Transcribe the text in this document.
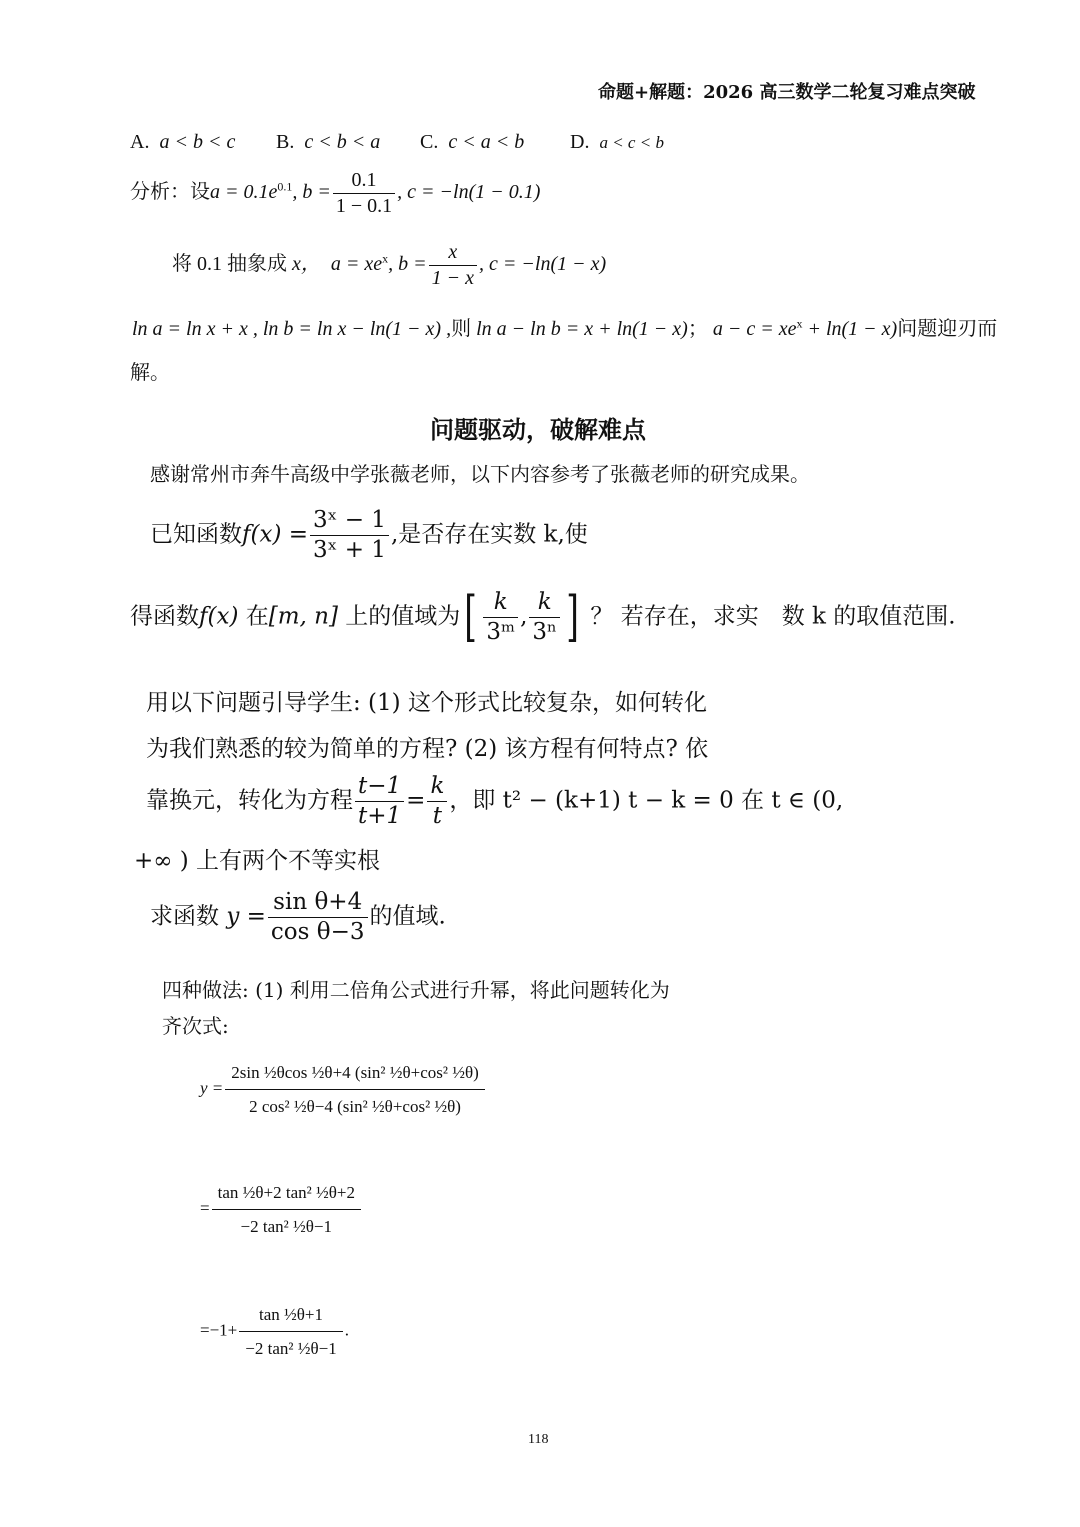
命题+解题：2026 高三数学二轮复习难点突破
A. a < b < c B. c < b < a C. c < a < b D. a < c < b
分析：设$a = 0.1e^{0.1}$, $b = \frac{0.1}{1 - 0.1}$ , c = −ln(1 − 0.1)
将 0.1 抽象成 x， $a = xe^x$, $b = \frac{x}{1 - x}$ , c = −ln(1 − x)
ln a = ln x + x , ln b = ln x − ln(1 − x) ,则 ln a − ln b = x + ln(1 − x)； $a - c = xe^x + \ln(1 - x)$问题迎刃而
解。
问题驱动，破解难点
感谢常州市奔牛高级中学张薇老师，以下内容参考了张薇老师的研究成果。
已知函数$f(x) = \frac{\text{3ˣ − 1}}{\text{3ˣ + 1}}$ ,是否存在实数 k,使
得函数f(x) 在[m, n] 上的值域为[ $\frac{k}{\text{3ᵐ}}$ , $\frac{k}{\text{3ⁿ}}$ ] ？ 若存在，求实　数 k 的取值范围.
用以下问题引导学生: (1) 这个形式比较复杂，如何转化
为我们熟悉的较为简单的方程? (2) 该方程有何特点? 依
靠换元，转化为方程 $\frac{t-1}{t+1} = \frac{k}{t}$ ，即 t² − (k+1) t − k = 0 在 t ∈ (0,
+∞ ) 上有两个不等实根
求函数 $y = \frac{\text{sin θ+4}}{\text{cos θ−3}}$ 的值域.
四种做法: (1) 利用二倍角公式进行升幂，将此问题转化为
齐次式:
$y = \frac{\text{2sin ½θcos ½θ+4 (sin² ½θ+cos² ½θ)}}{\text{2 cos² ½θ−4 (sin² ½θ+cos² ½θ)}}$
= $\frac{\text{tan ½θ+2 tan² ½θ+2}}{\text{−2 tan² ½θ−1}}$
$=-1+ \frac{\text{tan ½θ+1}}{\text{−2 tan² ½θ−1}}$ .
118
